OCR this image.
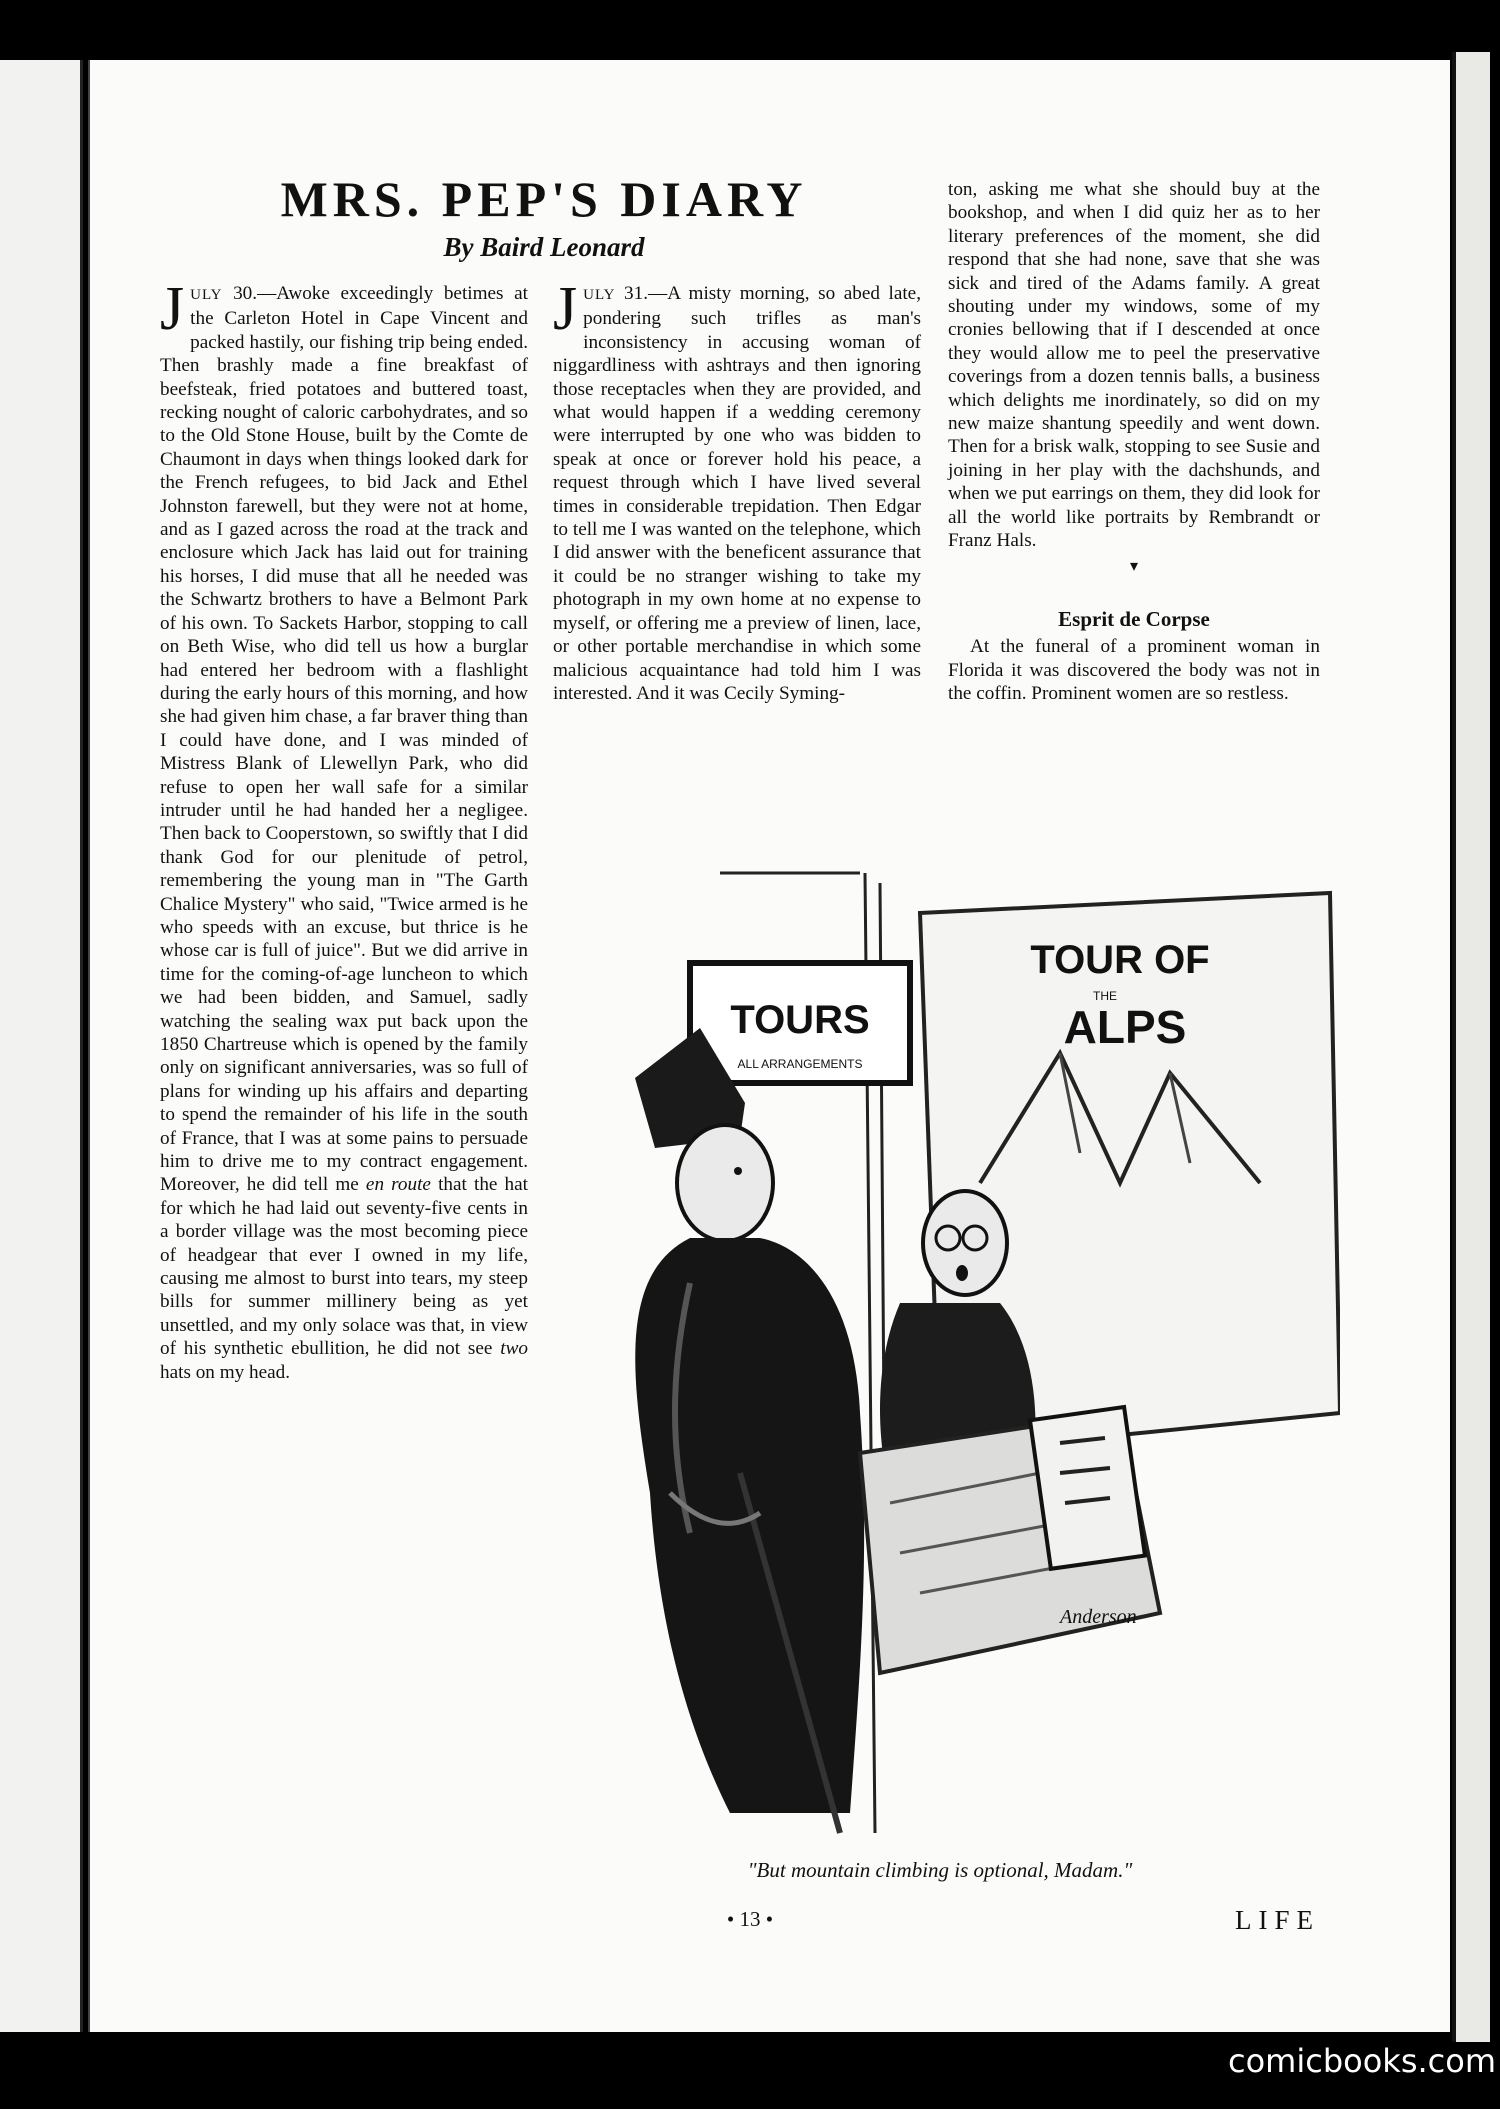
MRS. PEP'S DIARY
By Baird Leonard

JULY 30.—Awoke exceedingly betimes at the Carleton Hotel in Cape Vincent and packed hastily, our fishing trip being ended. Then brashly made a fine breakfast of beefsteak, fried potatoes and buttered toast, recking nought of caloric carbohydrates, and so to the Old Stone House, built by the Comte de Chaumont in days when things looked dark for the French refugees, to bid Jack and Ethel Johnston farewell, but they were not at home, and as I gazed across the road at the track and enclosure which Jack has laid out for training his horses, I did muse that all he needed was the Schwartz brothers to have a Belmont Park of his own. To Sackets Harbor, stopping to call on Beth Wise, who did tell us how a burglar had entered her bedroom with a flashlight during the early hours of this morning, and how she had given him chase, a far braver thing than I could have done, and I was minded of Mistress Blank of Llewellyn Park, who did refuse to open her wall safe for a similar intruder until he had handed her a negligee. Then back to Cooperstown, so swiftly that I did thank God for our plenitude of petrol, remembering the young man in "The Garth Chalice Mystery" who said, "Twice armed is he who speeds with an excuse, but thrice is he whose car is full of juice". But we did arrive in time for the coming-of-age luncheon to which we had been bidden, and Samuel, sadly watching the sealing wax put back upon the 1850 Chartreuse which is opened by the family only on significant anniversaries, was so full of plans for winding up his affairs and departing to spend the remainder of his life in the south of France, that I was at some pains to persuade him to drive me to my contract engagement. Moreover, he did tell me en route that the hat for which he had laid out seventy-five cents in a border village was the most becoming piece of headgear that ever I owned in my life, causing me almost to burst into tears, my steep bills for summer millinery being as yet unsettled, and my only solace was that, in view of his synthetic ebullition, he did not see two hats on my head.

JULY 31.—A misty morning, so abed late, pondering such trifles as man's inconsistency in accusing woman of niggardliness with ashtrays and then ignoring those receptacles when they are provided, and what would happen if a wedding ceremony were interrupted by one who was bidden to speak at once or forever hold his peace, a request through which I have lived several times in considerable trepidation. Then Edgar to tell me I was wanted on the telephone, which I did answer with the beneficent assurance that it could be no stranger wishing to take my photograph in my own home at no expense to myself, or offering me a preview of linen, lace, or other portable merchandise in which some malicious acquaintance had told him I was interested. And it was Cecily Syming-

ton, asking me what she should buy at the bookshop, and when I did quiz her as to her literary preferences of the moment, she did respond that she had none, save that she was sick and tired of the Adams family. A great shouting under my windows, some of my cronies bellowing that if I descended at once they would allow me to peel the preservative coverings from a dozen tennis balls, a business which delights me inordinately, so did on my new maize shantung speedily and went down. Then for a brisk walk, stopping to see Susie and joining in her play with the dachshunds, and when we put earrings on them, they did look for all the world like portraits by Rembrandt or Franz Hals.

▾
Esprit de Corpse

At the funeral of a prominent woman in Florida it was discovered the body was not in the coffin. Prominent women are so restless.

TOURS
ALL ARRANGEMENTS
TOUR OF
THE
ALPS
Anderson
"But mountain climbing is optional, Madam."
• 13 •	LIFE
comicbooks.com
